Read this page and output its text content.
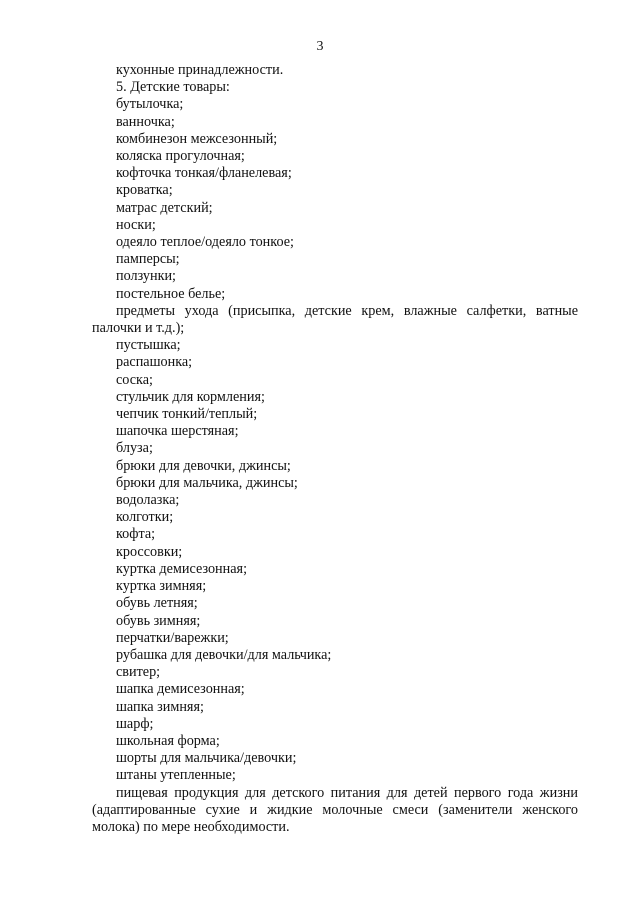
3
кухонные принадлежности.
5. Детские товары:
бутылочка;
ванночка;
комбинезон межсезонный;
коляска прогулочная;
кофточка тонкая/фланелевая;
кроватка;
матрас детский;
носки;
одеяло теплое/одеяло тонкое;
памперсы;
ползунки;
постельное белье;
предметы ухода (присыпка, детские крем, влажные салфетки, ватные палочки и т.д.);
пустышка;
распашонка;
соска;
стульчик для кормления;
чепчик тонкий/теплый;
шапочка шерстяная;
блуза;
брюки для девочки, джинсы;
брюки для мальчика, джинсы;
водолазка;
колготки;
кофта;
кроссовки;
куртка демисезонная;
куртка зимняя;
обувь летняя;
обувь зимняя;
перчатки/варежки;
рубашка для девочки/для мальчика;
свитер;
шапка демисезонная;
шапка зимняя;
шарф;
школьная форма;
шорты для мальчика/девочки;
штаны утепленные;
пищевая продукция для детского питания для детей первого года жизни (адаптированные сухие и жидкие молочные смеси (заменители женского молока) по мере необходимости.
